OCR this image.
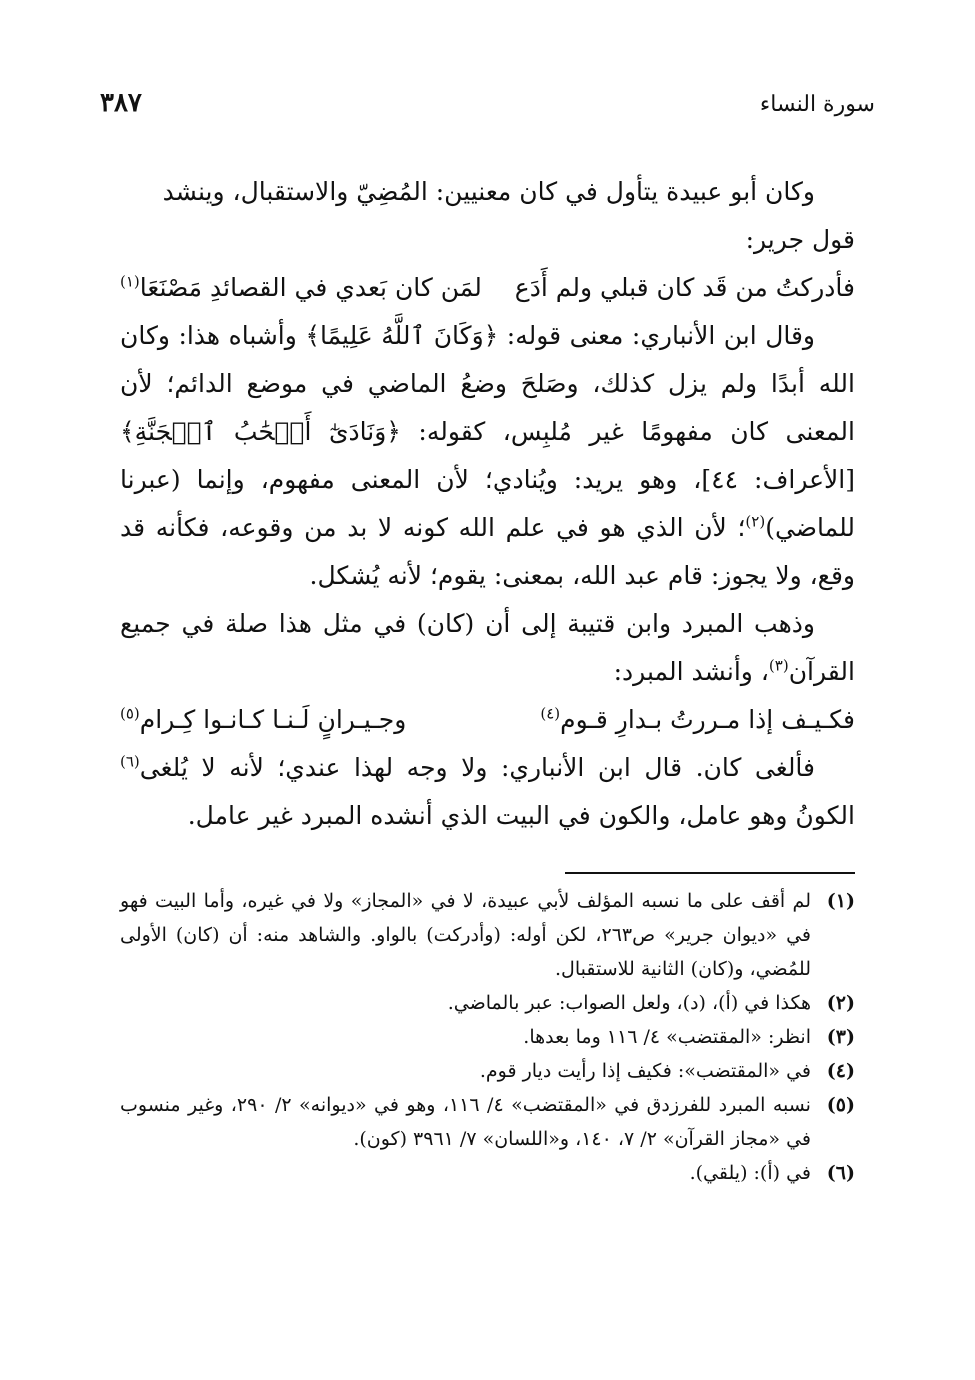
٣٨٧	سورة النساء

وكان أبو عبيدة يتأول في كان معنيين: المُضِيّ والاستقبال، وينشد

قول جرير:

فأدركتُ من قَد كان قبلي ولم أَدَع
لمَن كان بَعدي في القصائدِ مَصْنَعَا$^{(١)}$

وقال ابن الأنباري: معنى قوله: ﴿وَكَانَ ٱللَّهُ عَلِيمًا﴾ وأشباه هذا: وكان الله أبدًا ولم يزل كذلك، وصَلحَ وضعُ الماضي في موضع الدائم؛ لأن المعنى كان مفهومًا غير مُلبِس، كقوله: ﴿وَنَادَىٰٓ أَصۡحَٰبُ ٱلۡجَنَّةِ﴾ [الأعراف: ٤٤]، وهو يريد: ويُنادي؛ لأن المعنى مفهوم، وإنما (عبرنا للماضي)$^{(٢)}$؛ لأن الذي هو في علم الله كونه لا بد من وقوعه، فكأنه قد وقع، ولا يجوز: قام عبد الله، بمعنى: يقوم؛ لأنه يُشكل.

وذهب المبرد وابن قتيبة إلى أن (كان) في مثل هذا صلة في جميع القرآن$^{(٣)}$، وأنشد المبرد:

فكـيـف إذا مـررتُ بـدارِ قـوم$^{(٤)}$
وجـيـرانٍ لَـنـا كـانـوا كِـرام$^{(٥)}$

فألغى كان. قال ابن الأنباري: ولا وجه لهذا عندي؛ لأنه لا يُلغى$^{(٦)}$ الكونُ وهو عامل، والكون في البيت الذي أنشده المبرد غير عامل.

(١)
لم أقف على ما نسبه المؤلف لأبي عبيدة، لا في «المجاز» ولا في غيره، وأما البيت فهو في «ديوان جرير» ص٢٦٣، لكن أوله: (وأدركت) بالواو. والشاهد منه: أن (كان) الأولى للمُضي، و(كان) الثانية للاستقبال.
(٢)
هكذا في (أ)، (د)، ولعل الصواب: عبر بالماضي.
(٣)
انظر: «المقتضب» ٤/ ١١٦ وما بعدها.
(٤)
في «المقتضب»: فكيف إذا رأيت ديار قوم.
(٥)
نسبه المبرد للفرزدق في «المقتضب» ٤/ ١١٦، وهو في «ديوانه» ٢/ ٢٩٠، وغير منسوب في «مجاز القرآن» ٢/ ٧، ١٤٠، و«اللسان» ٧/ ٣٩٦١ (كون).
(٦)
في (أ): (يلقي).
